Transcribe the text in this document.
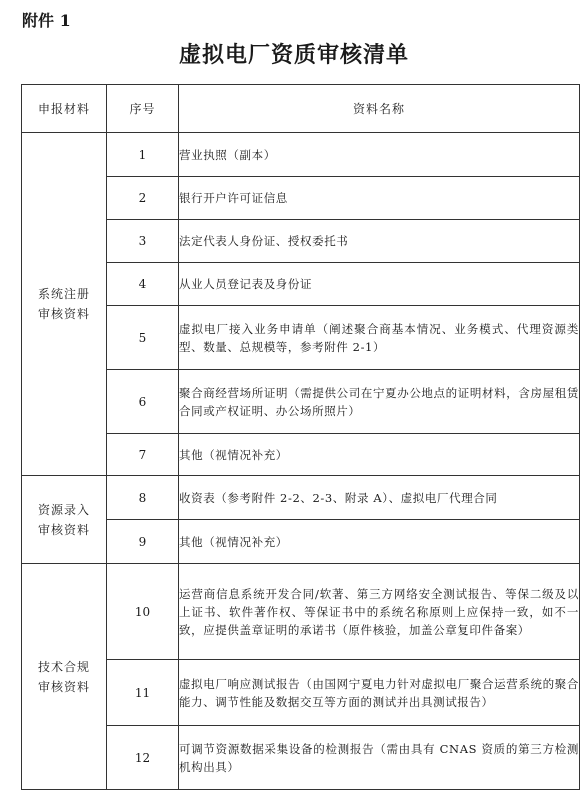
附件 1
虚拟电厂资质审核清单
申报材料	序号	资料名称
系统注册
审核资料	1	营业执照（副本）
	2	银行开户许可证信息
	3	法定代表人身份证、授权委托书
	4	从业人员登记表及身份证
	5	虚拟电厂接入业务申请单（阐述聚合商基本情况、业务模式、代理资源类型、数量、总规模等，参考附件 2-1）
	6	聚合商经营场所证明（需提供公司在宁夏办公地点的证明材料，含房屋租赁合同或产权证明、办公场所照片）
	7	其他（视情况补充）
资源录入
审核资料	8	收资表（参考附件 2-2、2-3、附录 A）、虚拟电厂代理合同
	9	其他（视情况补充）
技术合规
审核资料	10	运营商信息系统开发合同/软著、第三方网络安全测试报告、等保二级及以上证书、软件著作权、等保证书中的系统名称原则上应保持一致，如不一致，应提供盖章证明的承诺书（原件核验，加盖公章复印件备案）
	11	虚拟电厂响应测试报告（由国网宁夏电力针对虚拟电厂聚合运营系统的聚合能力、调节性能及数据交互等方面的测试并出具测试报告）
	12	可调节资源数据采集设备的检测报告（需由具有 CNAS 资质的第三方检测机构出具）
